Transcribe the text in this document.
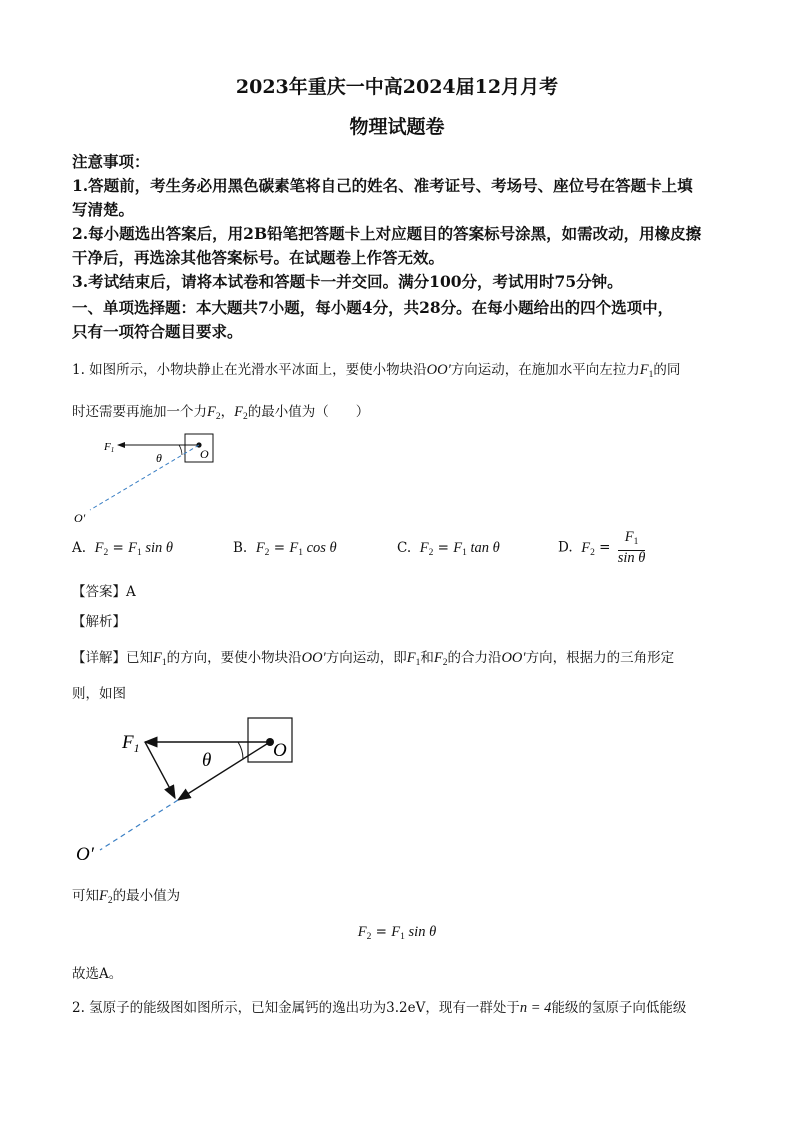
2023年重庆一中高2024届12月月考
物理试题卷
注意事项：
1.答题前，考生务必用黑色碳素笔将自己的姓名、准考证号、考场号、座位号在答题卡上填
写清楚。
2.每小题选出答案后，用2B铅笔把答题卡上对应题目的答案标号涂黑，如需改动，用橡皮擦
干净后，再选涂其他答案标号。在试题卷上作答无效。
3.考试结束后，请将本试卷和答题卡一并交回。满分100分，考试用时75分钟。
一、单项选择题：本大题共7小题，每小题4分，共28分。在每小题给出的四个选项中，
只有一项符合题目要求。
1. 如图所示，小物块静止在光滑水平冰面上，要使小物块沿OO′方向运动，在施加水平向左拉力$F_1$的同
时还需要再施加一个力$F_2$，$F_2$的最小值为（　　）
F1
θ	O
O′
A. $F_2 = F_1$ sin θ	B. $F_2 = F_1$ cos θ	C. $F_2 = F_1$ tan θ	D. $F_2 = \frac{F_1}{\text{sin θ}}$
【答案】A
【解析】
【详解】已知$F_1$的方向，要使小物块沿OO′方向运动，即$F_1$和$F_2$的合力沿OO′方向，根据力的三角形定
则，如图
$F_1$
θ	O
O′
可知$F_2$的最小值为
$F_2 = F_1$ sin θ
故选A。
2. 氢原子的能级图如图所示，已知金属钙的逸出功为3.2eV，现有一群处于n = 4能级的氢原子向低能级
